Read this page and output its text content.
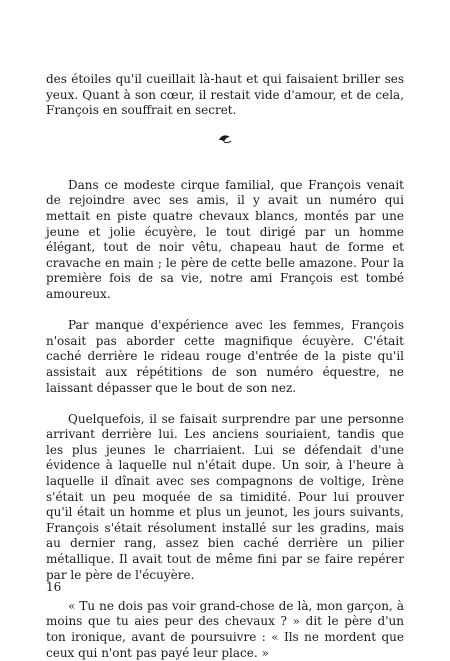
des étoiles qu'il cueillait là-haut et qui faisaient briller ses yeux. Quant à son cœur, il restait vide d'amour, et de cela, François en souffrait en secret.

Dans ce modeste cirque familial, que François venait de rejoindre avec ses amis, il y avait un numéro qui mettait en piste quatre chevaux blancs, montés par une jeune et jolie écuyère, le tout dirigé par un homme élégant, tout de noir vêtu, chapeau haut de forme et cravache en main ; le père de cette belle amazone. Pour la première fois de sa vie, notre ami François est tombé amoureux.

Par manque d'expérience avec les femmes, François n'osait pas aborder cette magnifique écuyère. C'était caché derrière le rideau rouge d'entrée de la piste qu'il assistait aux répétitions de son numéro équestre, ne laissant dépasser que le bout de son nez.

Quelquefois, il se faisait surprendre par une personne arrivant derrière lui. Les anciens souriaient, tandis que les plus jeunes le charriaient. Lui se défendait d'une évidence à laquelle nul n'était dupe. Un soir, à l'heure à laquelle il dînait avec ses compagnons de voltige, Irène s'était un peu moquée de sa timidité. Pour lui prouver qu'il était un homme et plus un jeunot, les jours suivants, François s'était résolument installé sur les gradins, mais au dernier rang, assez bien caché derrière un pilier métallique. Il avait tout de même fini par se faire repérer par le père de l'écuyère.

« Tu ne dois pas voir grand-chose de là, mon garçon, à moins que tu aies peur des chevaux ? » dit le père d'un ton ironique, avant de poursuivre : « Ils ne mordent que ceux qui n'ont pas payé leur place. »

16
